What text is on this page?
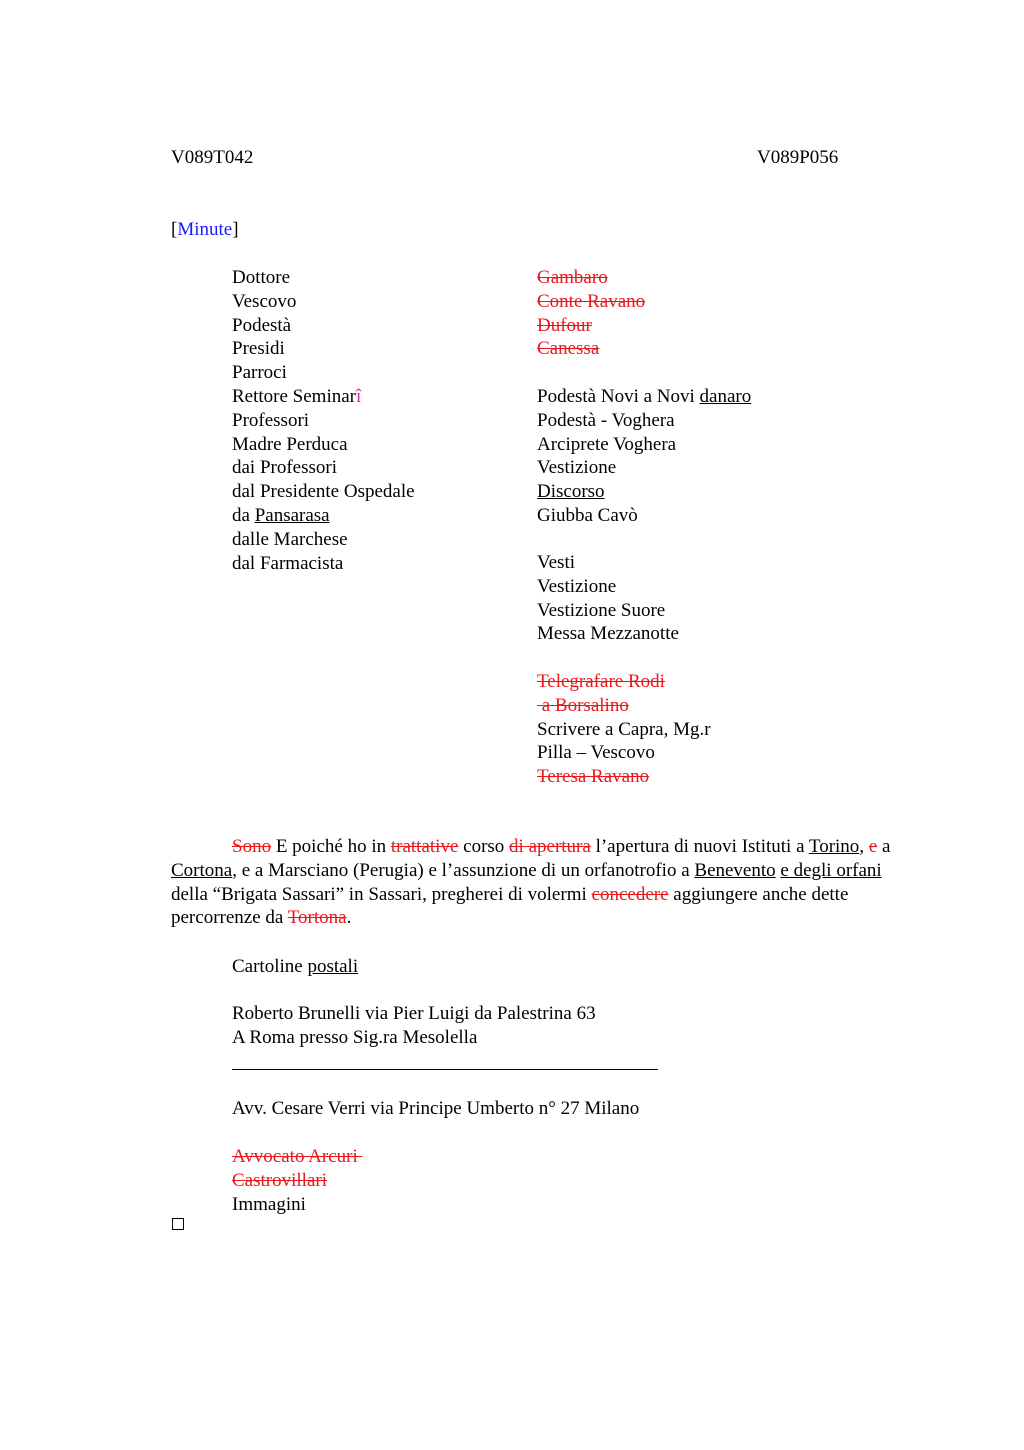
V089T042	V089P056
[Minute]
Dottore
Vescovo
Podestà
Presidi
Parroci
Rettore Seminarî
Professori
Madre Perduca
dai Professori
dal Presidente Ospedale
da Pansarasa
dalle Marchese
dal Farmacista
Gambaro
Conte Ravano
Dufour
Canessa
Podestà Novi a Novi danaro
Podestà - Voghera
Arciprete Voghera
Vestizione
Discorso
Giubba Cavò
Vesti
Vestizione
Vestizione Suore
Messa Mezzanotte
Telegrafare Rodi
a Borsalino
Scrivere a Capra, Mg.r
Pilla – Vescovo
Teresa Ravano
Sono E poiché ho in trattative corso di apertura l’apertura di nuovi Istituti a Torino, e a Cortona, e a Marsciano (Perugia) e l’assunzione di un orfanotrofio a Benevento e degli orfani della “Brigata Sassari” in Sassari, pregherei di volermi concedere aggiungere anche dette percorrenze da Tortona.
Cartoline postali
Roberto Brunelli via Pier Luigi da Palestrina 63
A Roma presso Sig.ra Mesolella
Avv. Cesare Verri via Principe Umberto n° 27 Milano
Avvocato Arcuri
Castrovillari
Immagini
